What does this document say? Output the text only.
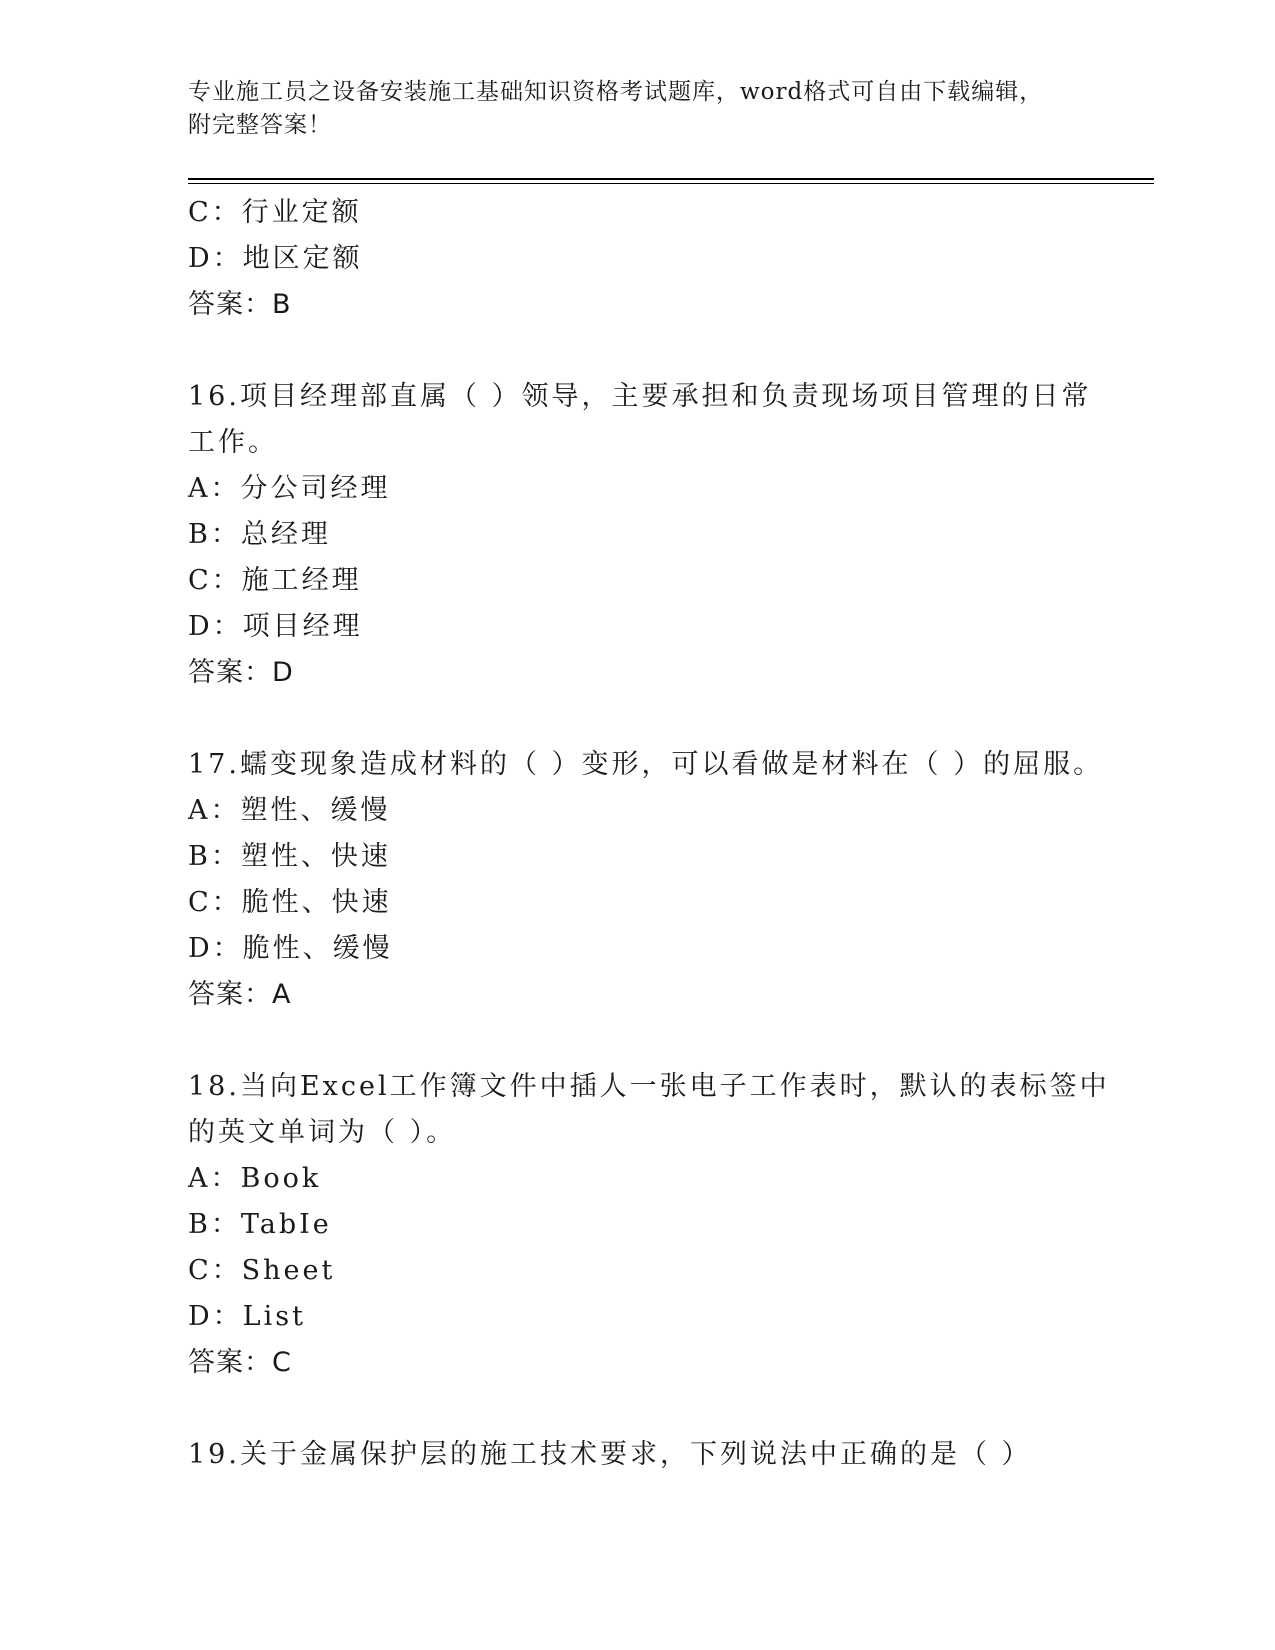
专业施工员之设备安装施工基础知识资格考试题库，word格式可自由下载编辑，
附完整答案！
C：行业定额
D：地区定额
答案：B
16.项目经理部直属（ ）领导，主要承担和负责现场项目管理的日常
工作。
A：分公司经理
B：总经理
C：施工经理
D：项目经理
答案：D
17.蠕变现象造成材料的（ ）变形，可以看做是材料在（ ）的屈服。
A：塑性、缓慢
B：塑性、快速
C：脆性、快速
D：脆性、缓慢
答案：A
18.当向Excel工作簿文件中插人一张电子工作表时，默认的表标签中
的英文单词为（ ）。
A：Book
B：TabIe
C：Sheet
D：List
答案：C
19.关于金属保护层的施工技术要求，下列说法中正确的是（ ）
